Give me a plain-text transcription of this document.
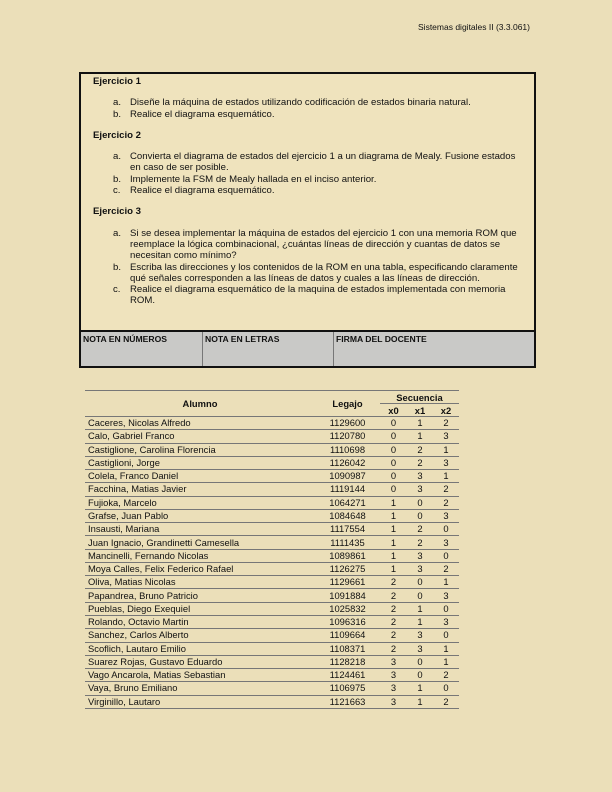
Sistemas digitales II (3.3.061)
Ejercicio 1
a. Diseñe la máquina de estados utilizando codificación de estados binaria natural.
b. Realice el diagrama esquemático.
Ejercicio 2
a. Convierta el diagrama de estados del ejercicio 1 a un diagrama de Mealy. Fusione estados en caso de ser posible.
b. Implemente la FSM de Mealy hallada en el inciso anterior.
c. Realice el diagrama esquemático.
Ejercicio 3
a. Si se desea implementar la máquina de estados del ejercicio 1 con una memoria ROM que reemplace la lógica combinacional, ¿cuántas líneas de dirección y cuantas de datos se necesitan como mínimo?
b. Escriba las direcciones y los contenidos de la ROM en una tabla, especificando claramente qué señales corresponden a las líneas de datos y cuales a las líneas de dirección.
c. Realice el diagrama esquemático de la maquina de estados implementada con memoria ROM.
NOTA EN NÚMEROS	NOTA EN LETRAS	FIRMA DEL DOCENTE
Alumno	Legajo	Secuencia		
		x0	x1	x2
Caceres, Nicolas Alfredo	1129600	0	1	2
Calo, Gabriel Franco	1120780	0	1	3
Castiglione, Carolina Florencia	1110698	0	2	1
Castiglioni, Jorge	1126042	0	2	3
Colela, Franco Daniel	1090987	0	3	1
Facchina, Matias Javier	1119144	0	3	2
Fujioka, Marcelo	1064271	1	0	2
Grafse, Juan Pablo	1084648	1	0	3
Insausti, Mariana	1117554	1	2	0
Juan Ignacio, Grandinetti Camesella	1111435	1	2	3
Mancinelli, Fernando Nicolas	1089861	1	3	0
Moya Calles, Felix Federico Rafael	1126275	1	3	2
Oliva, Matias Nicolas	1129661	2	0	1
Papandrea, Bruno Patricio	1091884	2	0	3
Pueblas, Diego Exequiel	1025832	2	1	0
Rolando, Octavio Martin	1096316	2	1	3
Sanchez, Carlos Alberto	1109664	2	3	0
Scoflich, Lautaro Emilio	1108371	2	3	1
Suarez Rojas, Gustavo Eduardo	1128218	3	0	1
Vago Ancarola, Matias Sebastian	1124461	3	0	2
Vaya, Bruno Emiliano	1106975	3	1	0
Virginillo, Lautaro	1121663	3	1	2
